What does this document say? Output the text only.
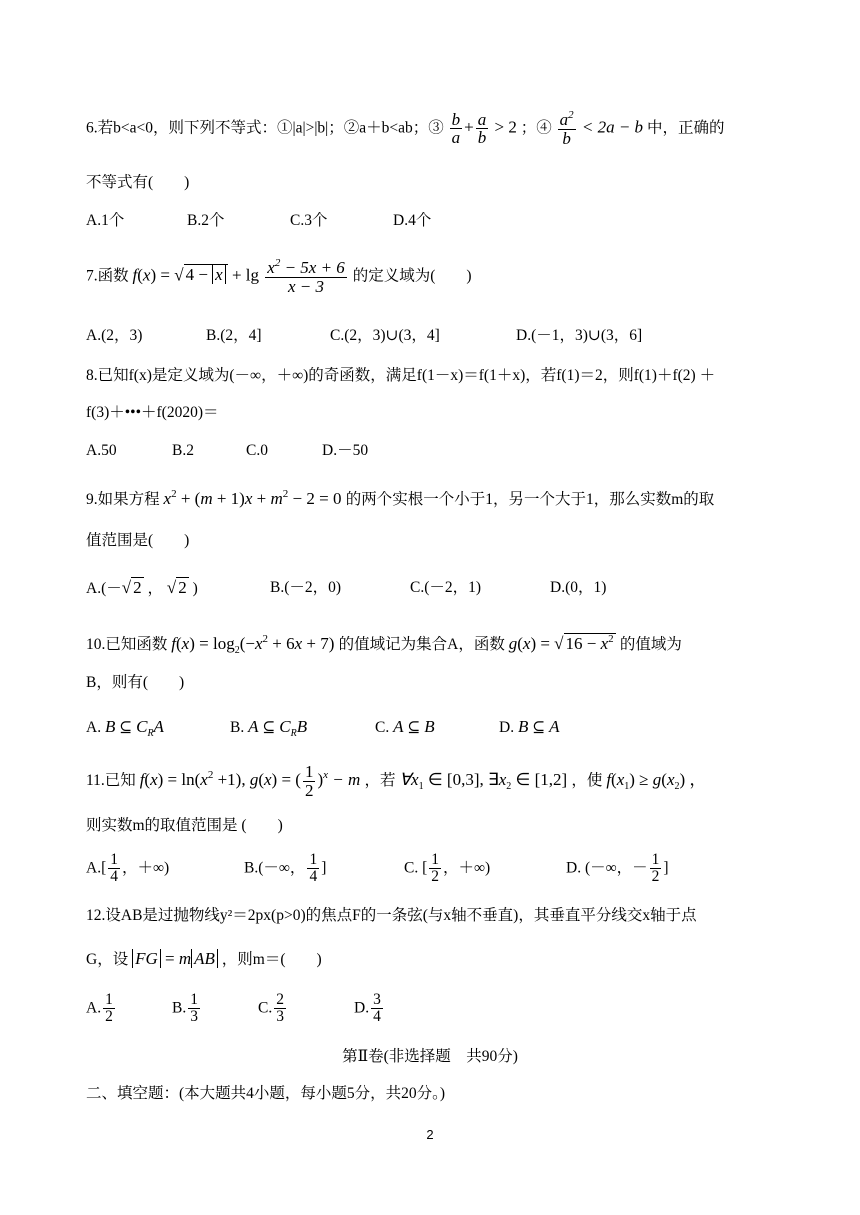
6.若b<a<0，则下列不等式：①|a|>|b|；②a＋b<ab；③ $\frac{b}{a} + \frac{a}{b} > 2$ ；④ $\frac{a^2}{b} < 2a - b$ 中，正确的
不等式有(　　)
A.1个	B.2个	C.3个	D.4个
7.函数 f(x) = √ $4 - x + \lg \frac{x^2 - 5x + 6}{x - 3}$ 的定义域为(　　)
A.(2，3)	B.(2，4]	C.(2，3)∪(3，4]	D.(－1，3)∪(3，6]
8.已知f(x)是定义域为(－∞，＋∞)的奇函数，满足f(1－x)＝f(1＋x)，若f(1)＝2，则f(1)＋f(2) ＋
f(3)＋•••＋f(2020)＝
A.50	B.2	C.0	D.－50
9.如果方程 $x^2 + (m + 1)x + m^2 - 2 = 0$ 的两个实根一个小于1，另一个大于1，那么实数m的取
值范围是(　　)
A.(－√ 2 ， √ 2 )	B.(－2，0)	C.(－2，1)	D.(0，1)
10.已知函数 $f(x) = \log_2(-x^2 + 6x + 7)$ 的值域记为集合A，函数 g(x) = √ $16 - x^2$ 的值域为
B，则有(　　)
A. B ⊆ $C_RA$	B. A ⊆ $C_RB$	C. A ⊆ B	D. B ⊆ A
11.已知 $f(x) = \ln(x^2 +1)$, g(x) = ( $\frac{1}{2} )^x - m$ ，若 $\forall x_1$ ∈ [0,3], $\exists x_2$ ∈ [1,2] ，使 $f(x_1) \ge g(x_2)$ ，
则实数m的取值范围是 (　　)
$A.[ \frac{1}{4}$ ，＋∞)	B.(－∞， $\frac{1}{4}$ ]	C. [ $\frac{1}{2}$ ，＋∞)	D. (－∞，－ $\frac{1}{2}$ ]
12.设AB是过抛物线y²＝2px(p>0)的焦点F的一条弦(与x轴不垂直)，其垂直平分线交x轴于点
G，设 FG = m AB ，则m＝(　　)
A. $\frac{1}{2}$	B. $\frac{1}{3}$	C. $\frac{2}{3}$	D. $\frac{3}{4}$
第Ⅱ卷(非选择题　共90分)
二、填空题：(本大题共4小题，每小题5分，共20分。)
2
